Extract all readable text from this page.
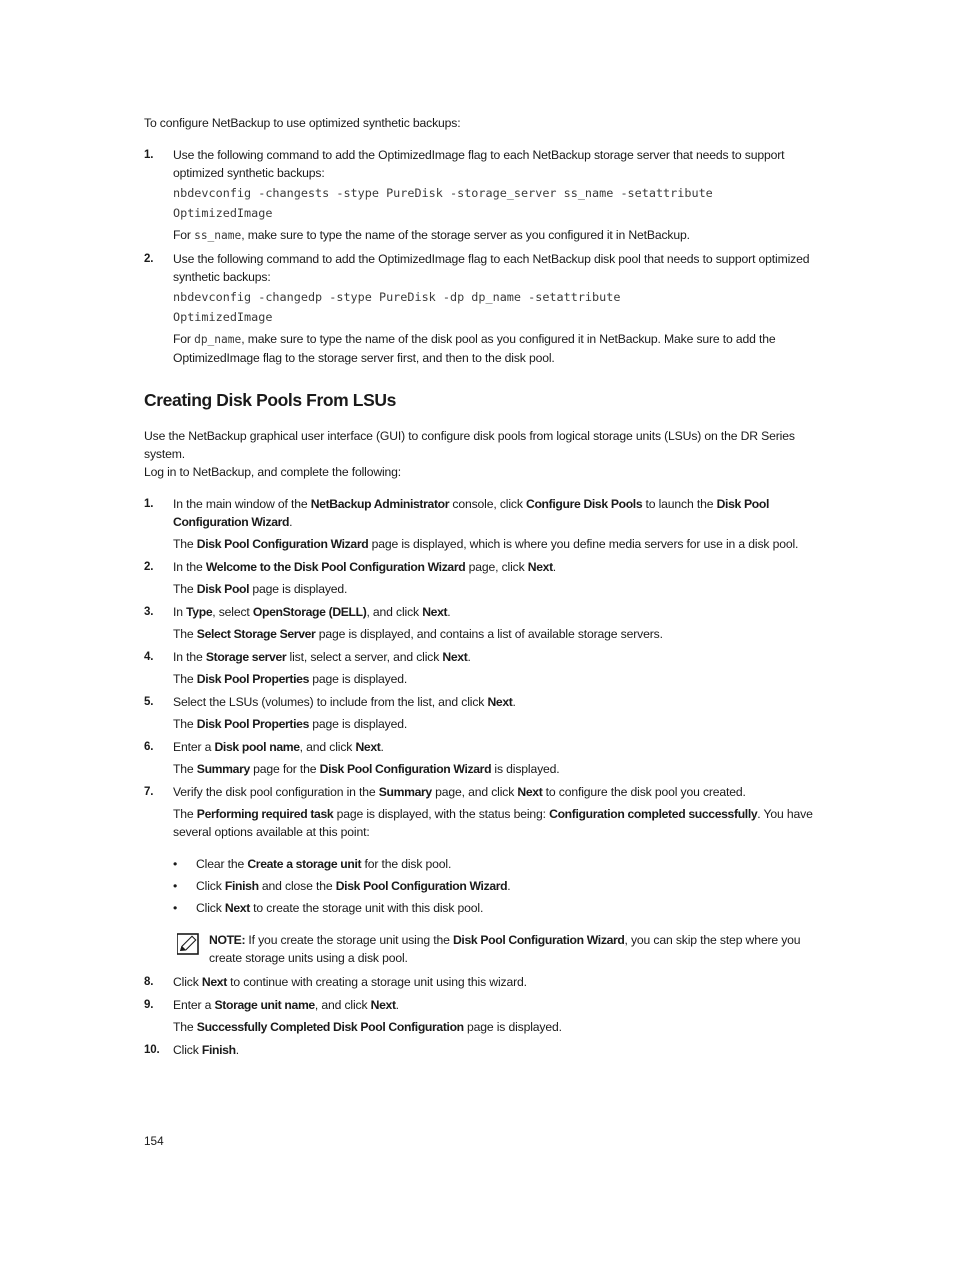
To configure NetBackup to use optimized synthetic backups:

1. Use the following command to add the OptimizedImage flag to each NetBackup storage server that needs to support optimized synthetic backups:

nbdevconfig -changests -stype PureDisk -storage_server ss_name -setattribute
OptimizedImage

For ss_name, make sure to type the name of the storage server as you configured it in NetBackup.

2. Use the following command to add the OptimizedImage flag to each NetBackup disk pool that needs to support optimized synthetic backups:

nbdevconfig -changedp -stype PureDisk -dp dp_name -setattribute
OptimizedImage

For dp_name, make sure to type the name of the disk pool as you configured it in NetBackup. Make sure to add the OptimizedImage flag to the storage server first, and then to the disk pool.

Creating Disk Pools From LSUs

Use the NetBackup graphical user interface (GUI) to configure disk pools from logical storage units (LSUs) on the DR Series system.

Log in to NetBackup, and complete the following:

1. In the main window of the NetBackup Administrator console, click Configure Disk Pools to launch the Disk Pool Configuration Wizard.

The Disk Pool Configuration Wizard page is displayed, which is where you define media servers for use in a disk pool.

2. In the Welcome to the Disk Pool Configuration Wizard page, click Next.

The Disk Pool page is displayed.

3. In Type, select OpenStorage (DELL), and click Next.

The Select Storage Server page is displayed, and contains a list of available storage servers.

4. In the Storage server list, select a server, and click Next.

The Disk Pool Properties page is displayed.

5. Select the LSUs (volumes) to include from the list, and click Next.

The Disk Pool Properties page is displayed.

6. Enter a Disk pool name, and click Next.

The Summary page for the Disk Pool Configuration Wizard is displayed.

7. Verify the disk pool configuration in the Summary page, and click Next to configure the disk pool you created.

The Performing required task page is displayed, with the status being: Configuration completed successfully. You have several options available at this point:

• Clear the Create a storage unit for the disk pool.
• Click Finish and close the Disk Pool Configuration Wizard.
• Click Next to create the storage unit with this disk pool.

NOTE: If you create the storage unit using the Disk Pool Configuration Wizard, you can skip the step where you create storage units using a disk pool.

8. Click Next to continue with creating a storage unit using this wizard.

9. Enter a Storage unit name, and click Next.

The Successfully Completed Disk Pool Configuration page is displayed.

10. Click Finish.

154
